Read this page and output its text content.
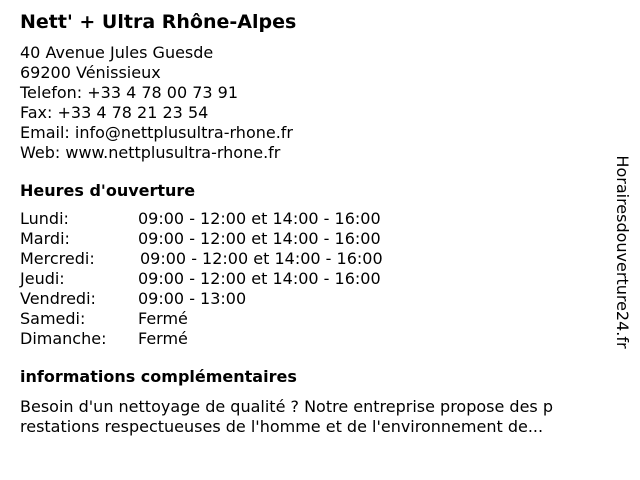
Nett' + Ultra Rhône-Alpes
40 Avenue Jules Guesde
69200 Vénissieux
Telefon: +33 4 78 00 73 91
Fax: +33 4 78 21 23 54
Email: info@nettplusultra-rhone.fr
Web: www.nettplusultra-rhone.fr
Heures d'ouverture
Lundi:	09:00 - 12:00 et 14:00 - 16:00
Mardi:	09:00 - 12:00 et 14:00 - 16:00
Mercredi:	09:00 - 12:00 et 14:00 - 16:00
Jeudi:	09:00 - 12:00 et 14:00 - 16:00
Vendredi:	09:00 - 13:00
Samedi:	Fermé
Dimanche:	Fermé
informations complémentaires
Besoin d'un nettoyage de qualité ? Notre entreprise propose des p
restations respectueuses de l'homme et de l'environnement de...
Horairesdouverture24.fr
